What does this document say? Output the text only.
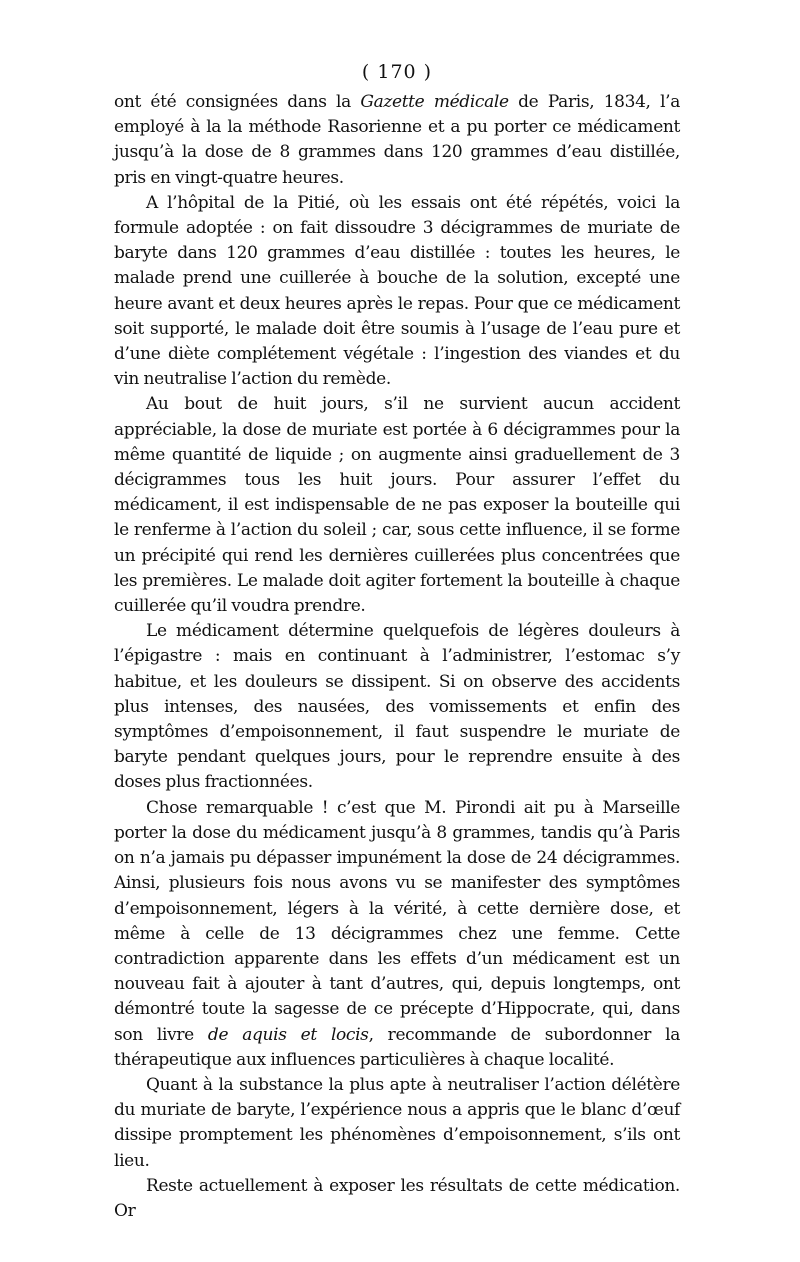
( 170 )

ont été consignées dans la Gazette médicale de Paris, 1834, l’a employé à la la méthode Rasorienne et a pu porter ce médicament jusqu’à la dose de 8 grammes dans 120 grammes d’eau distillée, pris en vingt-quatre heures.

A l’hôpital de la Pitié, où les essais ont été répétés, voici la formule adoptée : on fait dissoudre 3 décigrammes de muriate de baryte dans 120 grammes d’eau distillée : toutes les heures, le malade prend une cuillerée à bouche de la solution, excepté une heure avant et deux heures après le repas. Pour que ce médicament soit supporté, le malade doit être soumis à l’usage de l’eau pure et d’une diète complétement végétale : l’ingestion des viandes et du vin neutralise l’action du remède.

Au bout de huit jours, s’il ne survient aucun accident appréciable, la dose de muriate est portée à 6 décigrammes pour la même quantité de liquide ; on augmente ainsi graduellement de 3 décigrammes tous les huit jours. Pour assurer l’effet du médicament, il est indispensable de ne pas exposer la bouteille qui le renferme à l’action du soleil ; car, sous cette influence, il se forme un précipité qui rend les dernières cuillerées plus concentrées que les premières. Le malade doit agiter fortement la bouteille à chaque cuillerée qu’il voudra prendre.

Le médicament détermine quelquefois de légères douleurs à l’épigastre : mais en continuant à l’administrer, l’estomac s’y habitue, et les douleurs se dissipent. Si on observe des accidents plus intenses, des nausées, des vomissements et enfin des symptômes d’empoisonnement, il faut suspendre le muriate de baryte pendant quelques jours, pour le reprendre ensuite à des doses plus fractionnées.

Chose remarquable ! c’est que M. Pirondi ait pu à Marseille porter la dose du médicament jusqu’à 8 grammes, tandis qu’à Paris on n’a jamais pu dépasser impunément la dose de 24 décigrammes. Ainsi, plusieurs fois nous avons vu se manifester des symptômes d’empoisonnement, légers à la vérité, à cette dernière dose, et même à celle de 13 décigrammes chez une femme. Cette contradiction apparente dans les effets d’un médicament est un nouveau fait à ajouter à tant d’autres, qui, depuis longtemps, ont démontré toute la sagesse de ce précepte d’Hippocrate, qui, dans son livre de aquis et locis, recommande de subordonner la thérapeutique aux influences particulières à chaque localité.

Quant à la substance la plus apte à neutraliser l’action délétère du muriate de baryte, l’expérience nous a appris que le blanc d’œuf dissipe promptement les phénomènes d’empoisonnement, s’ils ont lieu.

Reste actuellement à exposer les résultats de cette médication. Or
